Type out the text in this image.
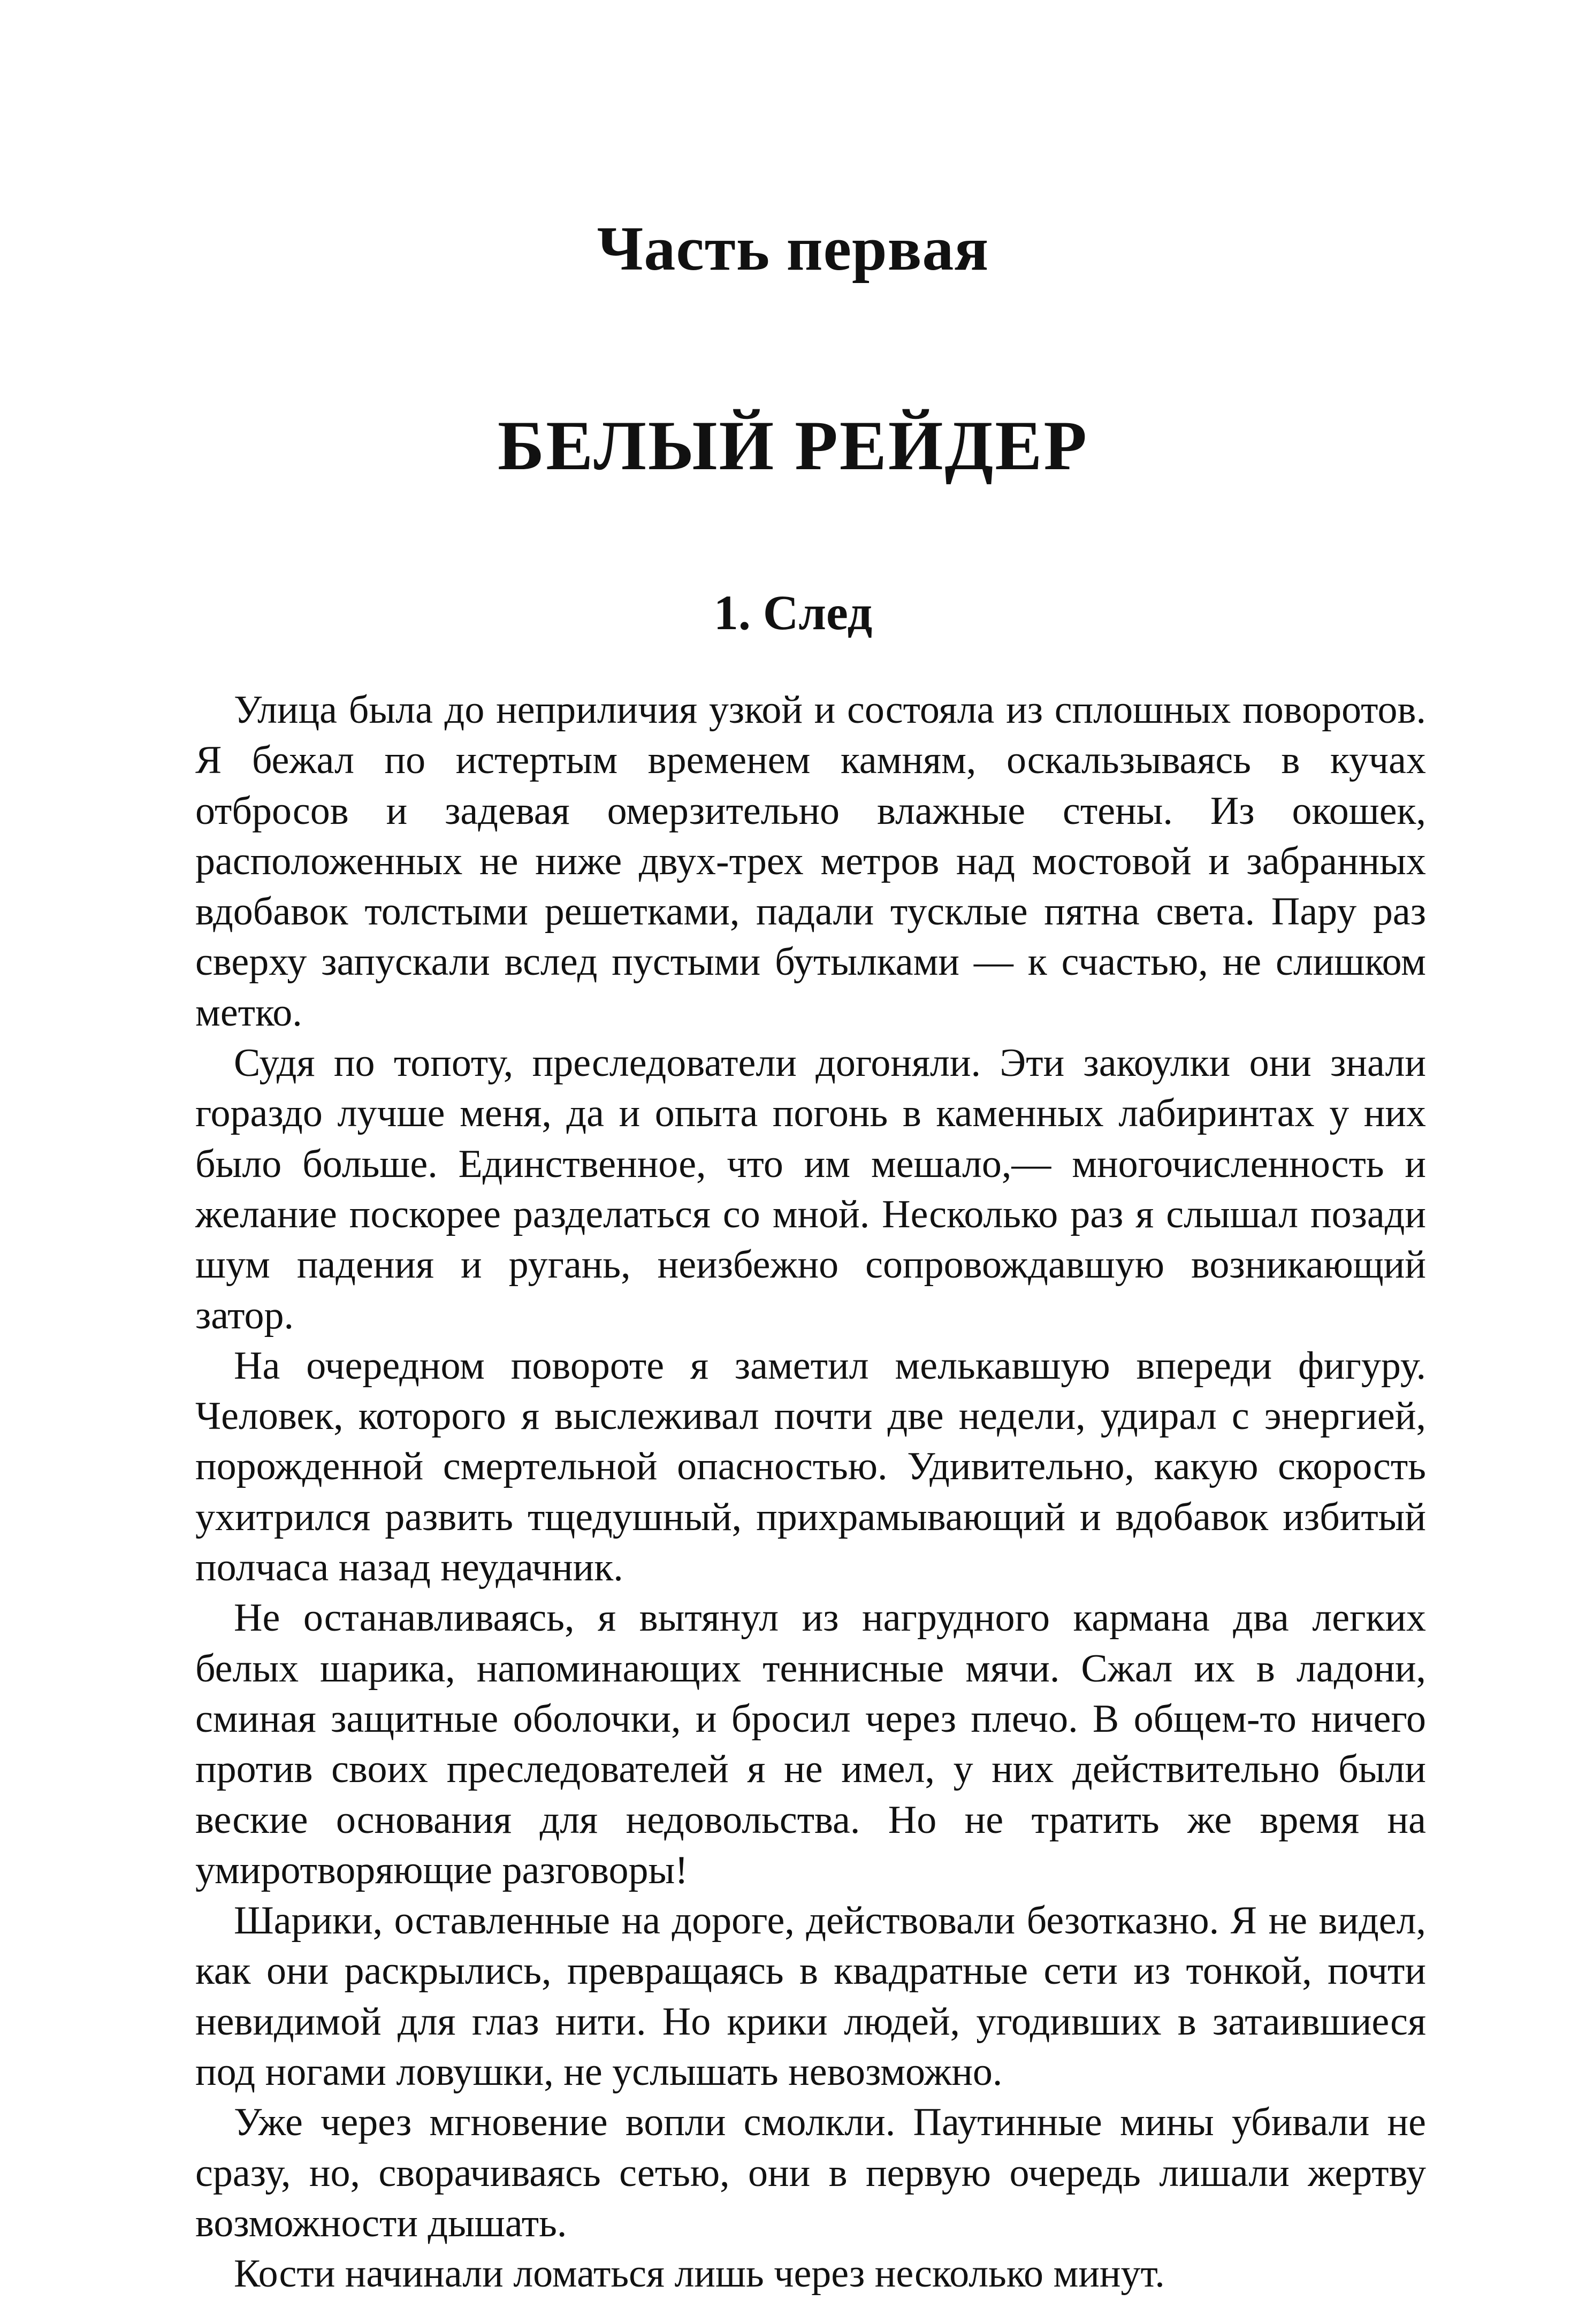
Часть первая
БЕЛЫЙ РЕЙДЕР
1. След

Улица была до неприличия узкой и состояла из сплошных поворотов. Я бежал по истертым временем камням, оскальзываясь в кучах отбросов и задевая омерзительно влажные стены. Из окошек, расположенных не ниже двух-трех метров над мостовой и забранных вдобавок толстыми решетками, падали тусклые пятна света. Пару раз сверху запускали вслед пустыми бутылками — к счастью, не слишком метко.

Судя по топоту, преследователи догоняли. Эти закоулки они знали гораздо лучше меня, да и опыта погонь в каменных лабиринтах у них было больше. Единственное, что им мешало,— многочисленность и желание поскорее разделаться со мной. Несколько раз я слышал позади шум падения и ругань, неизбежно сопровождавшую возникающий затор.

На очередном повороте я заметил мелькавшую впереди фигуру. Человек, которого я выслеживал почти две недели, удирал с энергией, порожденной смертельной опасностью. Удивительно, какую скорость ухитрился развить тщедушный, прихрамывающий и вдобавок избитый полчаса назад неудачник.

Не останавливаясь, я вытянул из нагрудного кармана два легких белых шарика, напоминающих теннисные мячи. Сжал их в ладони, сминая защитные оболочки, и бросил через плечо. В общем-то ничего против своих преследователей я не имел, у них действительно были веские основания для недовольства. Но не тратить же время на умиротворяющие разговоры!

Шарики, оставленные на дороге, действовали безотказно. Я не видел, как они раскрылись, превращаясь в квадратные сети из тонкой, почти невидимой для глаз нити. Но крики людей, угодивших в затаившиеся под ногами ловушки, не услышать невозможно.

Уже через мгновение вопли смолкли. Паутинные мины убивали не сразу, но, сворачиваясь сетью, они в первую очередь лишали жертву возможности дышать.

Кости начинали ломаться лишь через несколько минут.
